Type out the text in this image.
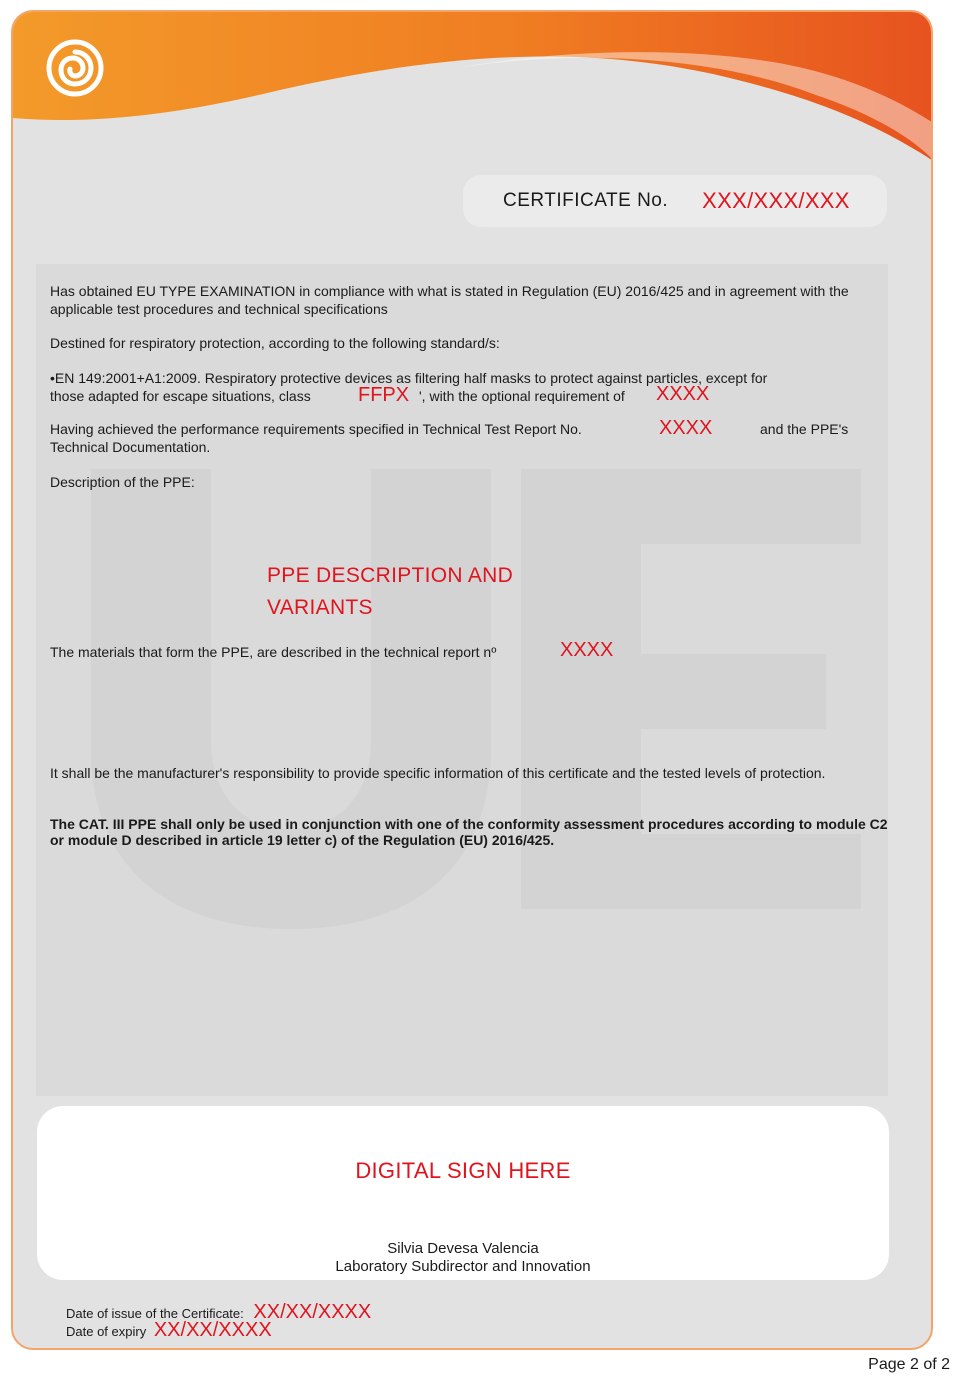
CERTIFICATE No. XXX/XXX/XXX
Has obtained EU TYPE EXAMINATION in compliance with what is stated in Regulation (EU) 2016/425 and in agreement with the applicable test procedures and technical specifications
Destined for respiratory protection, according to the following standard/s:
•EN 149:2001+A1:2009. Respiratory protective devices as filtering half masks to protect against particles, except for
those adapted for escape situations, class FFPX ', with the optional requirement of XXXX
Having achieved the performance requirements specified in Technical Test Report No.	XXXX	and the PPE's
Technical Documentation.
Description of the PPE:
PPE DESCRIPTION AND
VARIANTS
The materials that form the PPE, are described in the technical report nº	XXXX
It shall be the manufacturer's responsibility to provide specific information of this certificate and the tested levels of protection.
The CAT. III PPE shall only be used in conjunction with one of the conformity assessment procedures according to module C2 or module D described in article 19 letter c) of the Regulation (EU) 2016/425.
DIGITAL SIGN HERE
Silvia Devesa Valencia
Laboratory Subdirector and Innovation
Date of issue of the Certificate: XX/XX/XXXX
Date of expiry XX/XX/XXXX
Page 2 of 2
